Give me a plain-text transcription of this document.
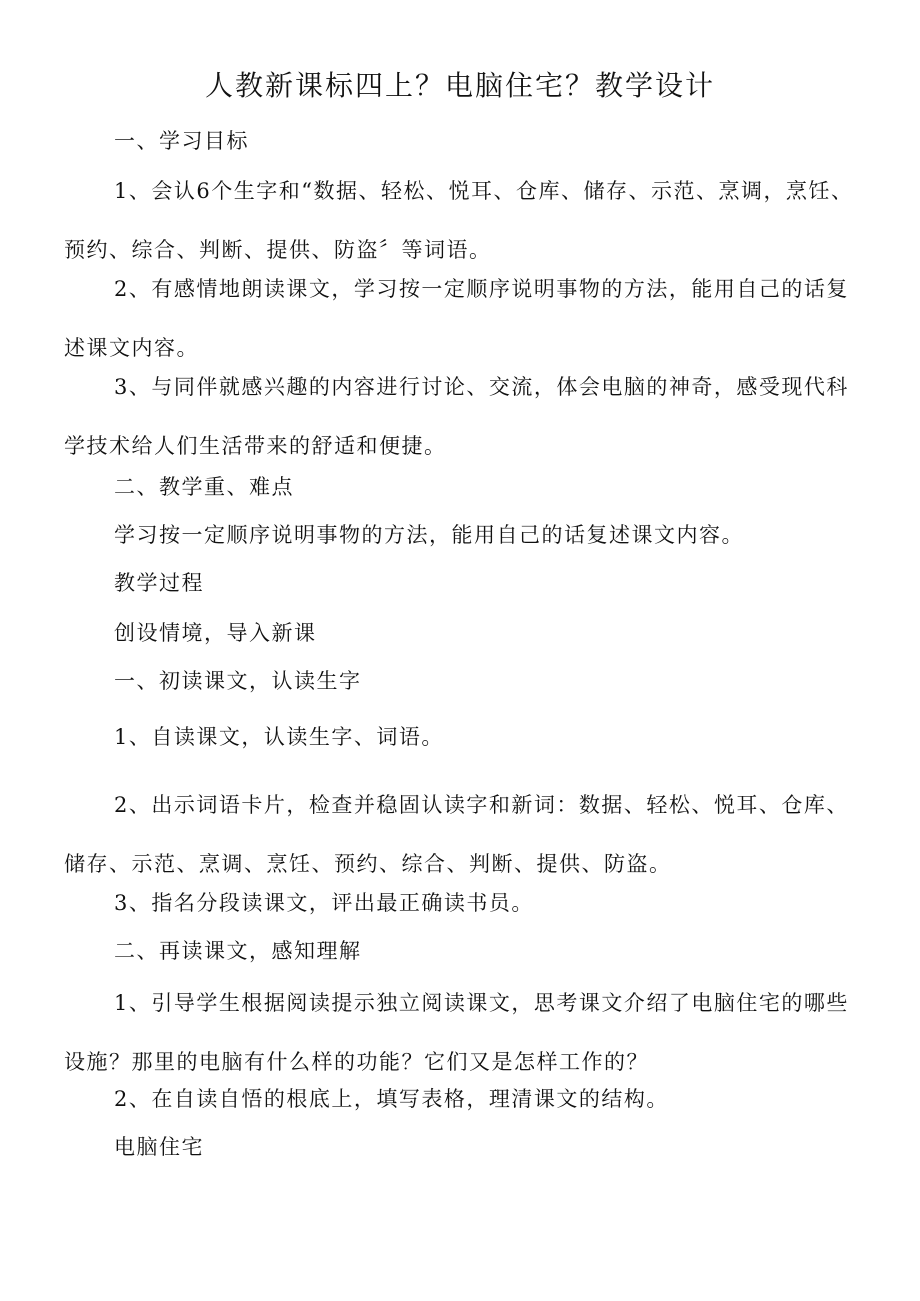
人教新课标四上？电脑住宅？教学设计
一、学习目标
1、会认6个生字和“数据、轻松、悦耳、仓库、储存、示范、烹调，烹饪、预约、综合、判断、提供、防盗〞等词语。
2、有感情地朗读课文，学习按一定顺序说明事物的方法，能用自己的话复述课文内容。
3、与同伴就感兴趣的内容进行讨论、交流，体会电脑的神奇，感受现代科学技术给人们生活带来的舒适和便捷。
二、教学重、难点
学习按一定顺序说明事物的方法，能用自己的话复述课文内容。
教学过程
创设情境，导入新课
一、初读课文，认读生字
1、自读课文，认读生字、词语。
2、出示词语卡片，检查并稳固认读字和新词：数据、轻松、悦耳、仓库、储存、示范、烹调、烹饪、预约、综合、判断、提供、防盗。
3、指名分段读课文，评出最正确读书员。
二、再读课文，感知理解
1、引导学生根据阅读提示独立阅读课文，思考课文介绍了电脑住宅的哪些设施？那里的电脑有什么样的功能？它们又是怎样工作的？
2、在自读自悟的根底上，填写表格，理清课文的结构。
电脑住宅
